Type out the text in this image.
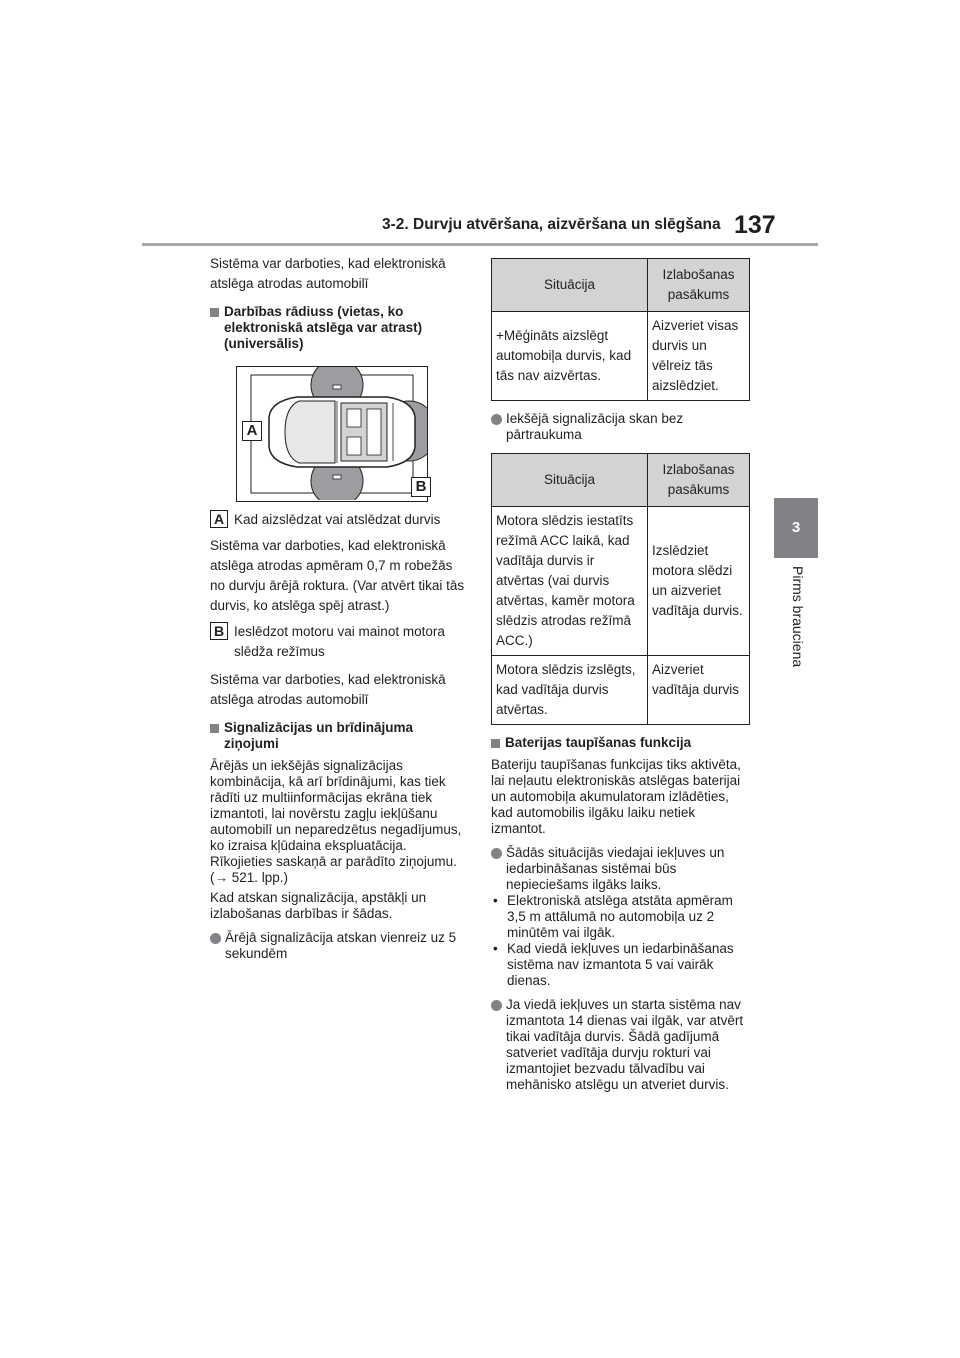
3-2. Durvju atvēršana, aizvēršana un slēgšana 137
3
Pirms brauciena

Sistēma var darboties, kad elektroniskā atslēga atrodas automobilī

Darbības rādiuss (vietas, ko elektroniskā atslēga var atrast) (universālis)
A
B
A Kad aizslēdzat vai atslēdzat durvis

Sistēma var darboties, kad elektroniskā atslēga atrodas apmēram 0,7 m robežās no durvju ārējā roktura. (Var atvērt tikai tās durvis, ko atslēga spēj atrast.)

B Ieslēdzot motoru vai mainot motora slēdža režīmus

Sistēma var darboties, kad elektroniskā atslēga atrodas automobilī

Signalizācijas un brīdinājuma ziņojumi

Ārējās un iekšējās signalizācijas kombinācija, kā arī brīdinājumi, kas tiek rādīti uz multiinformācijas ekrāna tiek izmantoti, lai novērstu zagļu iekļūšanu automobilī un neparedzētus negadījumus, ko izraisa kļūdaina ekspluatācija. Rīkojieties saskaņā ar parādīto ziņojumu. (→ 521. lpp.)

Kad atskan signalizācija, apstākļi un izlabošanas darbības ir šādas.

Ārējā signalizācija atskan vienreiz uz 5 sekundēm
Situācija	Izlabošanas pasākums
+Mēģināts aizslēgt automobiļa durvis, kad tās nav aizvērtas.	Aizveriet visas durvis un vēlreiz tās aizslēdziet.
Iekšējā signalizācija skan bez pārtraukuma
Situācija	Izlabošanas pasākums
Motora slēdzis iestatīts režīmā ACC laikā, kad vadītāja durvis ir atvērtas (vai durvis atvērtas, kamēr motora slēdzis atrodas režīmā ACC.)	Izslēdziet motora slēdzi un aizveriet vadītāja durvis.
Motora slēdzis izslēgts, kad vadītāja durvis atvērtas.	Aizveriet vadītāja durvis
Baterijas taupīšanas funkcija

Bateriju taupīšanas funkcijas tiks aktivēta, lai neļautu elektroniskās atslēgas baterijai un automobiļa akumulatoram izlādēties, kad automobilis ilgāku laiku netiek izmantot.

Šādās situācijās viedajai iekļuves un iedarbināšanas sistēmai būs nepieciešams ilgāks laiks.
• Elektroniskā atslēga atstāta apmēram 3,5 m attālumā no automobiļa uz 2 minūtēm vai ilgāk.
• Kad viedā iekļuves un iedarbināšanas sistēma nav izmantota 5 vai vairāk dienas.
Ja viedā iekļuves un starta sistēma nav izmantota 14 dienas vai ilgāk, var atvērt tikai vadītāja durvis. Šādā gadījumā satveriet vadītāja durvju rokturi vai izmantojiet bezvadu tālvadību vai mehānisko atslēgu un atveriet durvis.
